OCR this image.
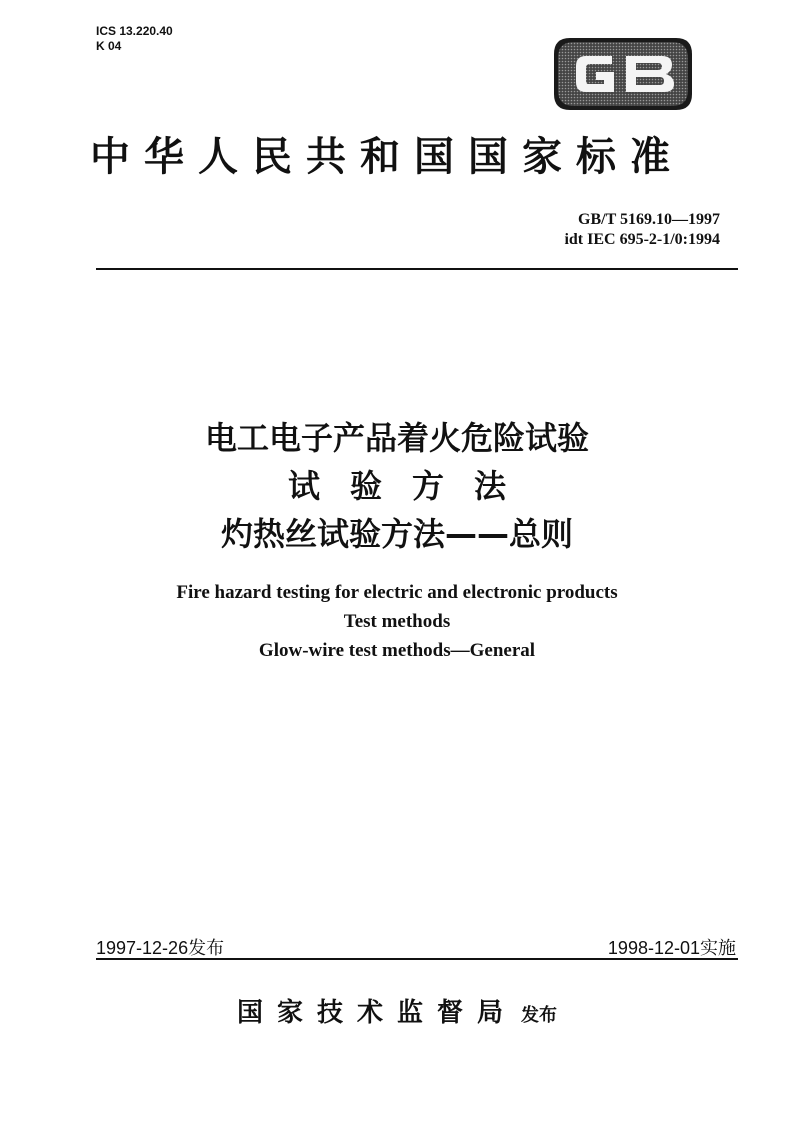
ICS 13.220.40
K 04
中华人民共和国国家标准
GB/T 5169.10—1997
idt IEC 695-2-1/0:1994
电工电子产品着火危险试验
试验方法
灼热丝试验方法——总则
Fire hazard testing for electric and electronic products
Test methods
Glow-wire test methods—General
1997-12-26发布	1998-12-01实施
国家技术监督局 发布
